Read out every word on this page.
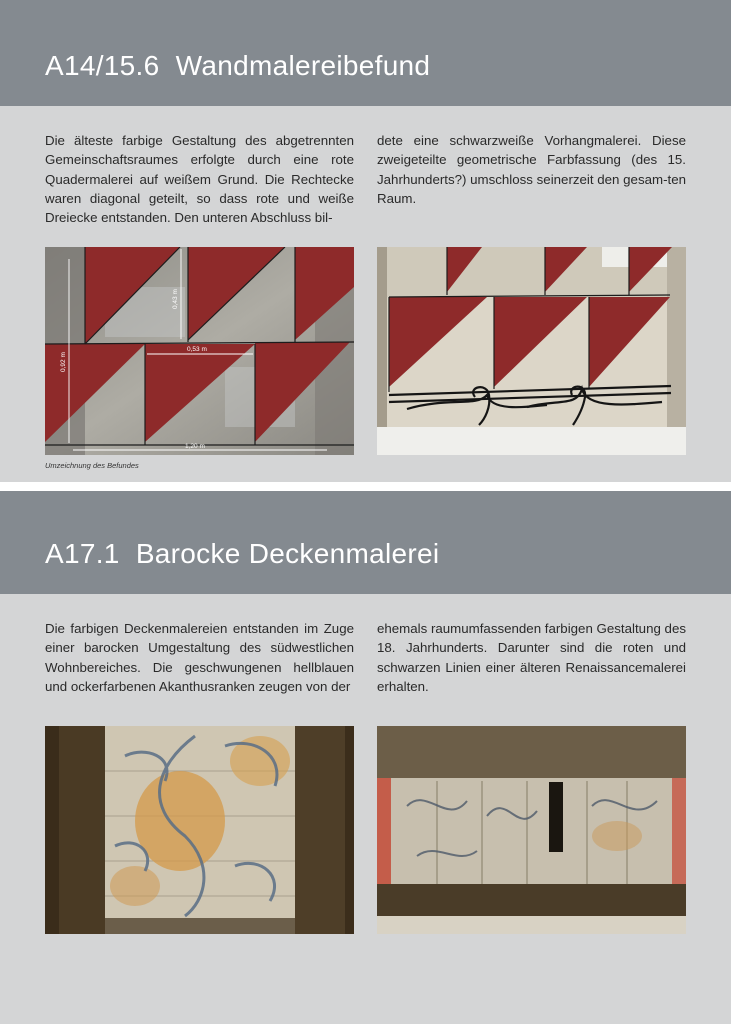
A14/15.6  Wandmalereibefund
Die älteste farbige Gestaltung des abgetrennten Gemeinschaftsraumes erfolgte durch eine rote Quadermalerei auf weißem Grund. Die Rechtecke waren diagonal geteilt, so dass rote und weiße Dreiecke entstanden. Den unteren Abschluss bil-
dete eine schwarzweiße Vorhangmalerei. Diese zweigeteilte geometrische Farbfassung (des 15. Jahrhunderts?) umschloss seinerzeit den gesam-ten Raum.
0,43 m
0,53 m
0,92 m
1,20 m
Umzeichnung des Befundes
A17.1  Barocke Deckenmalerei
Die farbigen Deckenmalereien entstanden im Zuge einer barocken Umgestaltung des südwestlichen Wohnbereiches. Die geschwungenen hellblauen und ockerfarbenen Akanthusranken zeugen von der
ehemals raumumfassenden farbigen Gestaltung des 18. Jahrhunderts. Darunter sind die roten und schwarzen Linien einer älteren Renaissancemalerei erhalten.
